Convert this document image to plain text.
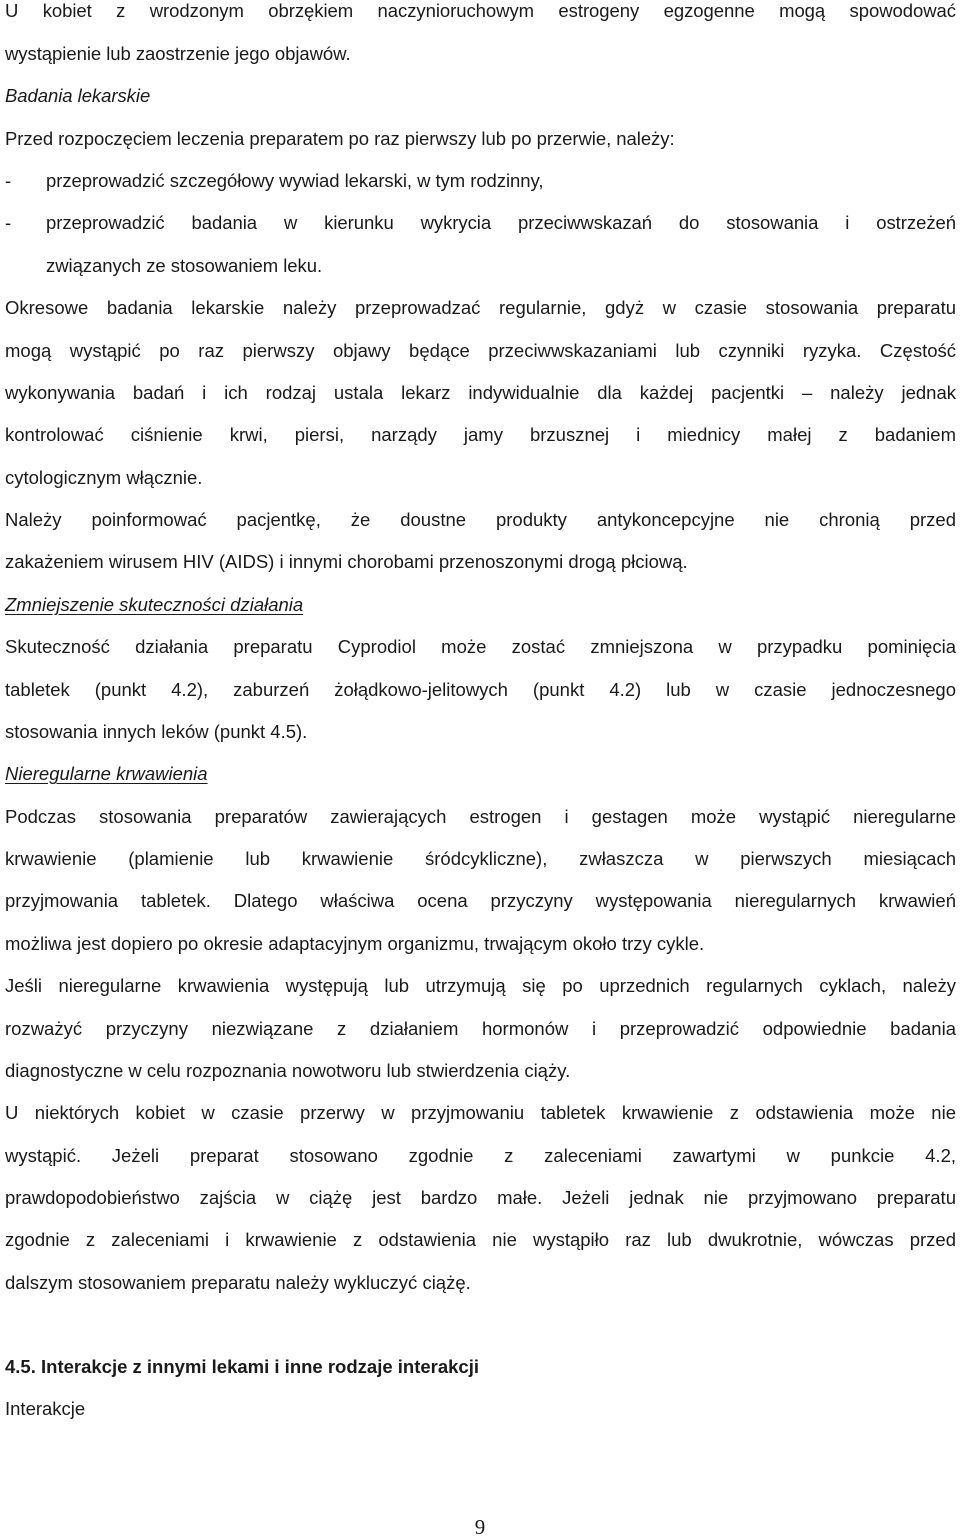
U kobiet z wrodzonym obrzękiem naczynioruchowym estrogeny egzogenne mogą spowodować
wystąpienie lub zaostrzenie jego objawów.
Badania lekarskie
Przed rozpoczęciem leczenia preparatem po raz pierwszy lub po przerwie, należy:
-	przeprowadzić szczegółowy wywiad lekarski, w tym rodzinny,
-	przeprowadzić badania w kierunku wykrycia przeciwwskazań do stosowania i ostrzeżeń
związanych ze stosowaniem leku.
Okresowe badania lekarskie należy przeprowadzać regularnie, gdyż w czasie stosowania preparatu
mogą wystąpić po raz pierwszy objawy będące przeciwwskazaniami lub czynniki ryzyka. Częstość
wykonywania badań i ich rodzaj ustala lekarz indywidualnie dla każdej pacjentki – należy jednak
kontrolować ciśnienie krwi, piersi, narządy jamy brzusznej i miednicy małej z badaniem
cytologicznym włącznie.
Należy poinformować pacjentkę, że doustne produkty antykoncepcyjne nie chronią przed
zakażeniem wirusem HIV (AIDS) i innymi chorobami przenoszonymi drogą płciową.
Zmniejszenie skuteczności działania
Skuteczność działania preparatu Cyprodiol może zostać zmniejszona w przypadku pominięcia
tabletek (punkt 4.2), zaburzeń żołądkowo-jelitowych (punkt 4.2) lub w czasie jednoczesnego
stosowania innych leków (punkt 4.5).
Nieregularne krwawienia
Podczas stosowania preparatów zawierających estrogen i gestagen może wystąpić nieregularne
krwawienie (plamienie lub krwawienie śródcykliczne), zwłaszcza w pierwszych miesiącach
przyjmowania tabletek. Dlatego właściwa ocena przyczyny występowania nieregularnych krwawień
możliwa jest dopiero po okresie adaptacyjnym organizmu, trwającym około trzy cykle.
Jeśli nieregularne krwawienia występują lub utrzymują się po uprzednich regularnych cyklach, należy
rozważyć przyczyny niezwiązane z działaniem hormonów i przeprowadzić odpowiednie badania
diagnostyczne w celu rozpoznania nowotworu lub stwierdzenia ciąży.
U niektórych kobiet w czasie przerwy w przyjmowaniu tabletek krwawienie z odstawienia może nie
wystąpić. Jeżeli preparat stosowano zgodnie z zaleceniami zawartymi w punkcie 4.2,
prawdopodobieństwo zajścia w ciążę jest bardzo małe. Jeżeli jednak nie przyjmowano preparatu
zgodnie z zaleceniami i krwawienie z odstawienia nie wystąpiło raz lub dwukrotnie, wówczas przed
dalszym stosowaniem preparatu należy wykluczyć ciążę.
4.5. Interakcje z innymi lekami i inne rodzaje interakcji
Interakcje
9
